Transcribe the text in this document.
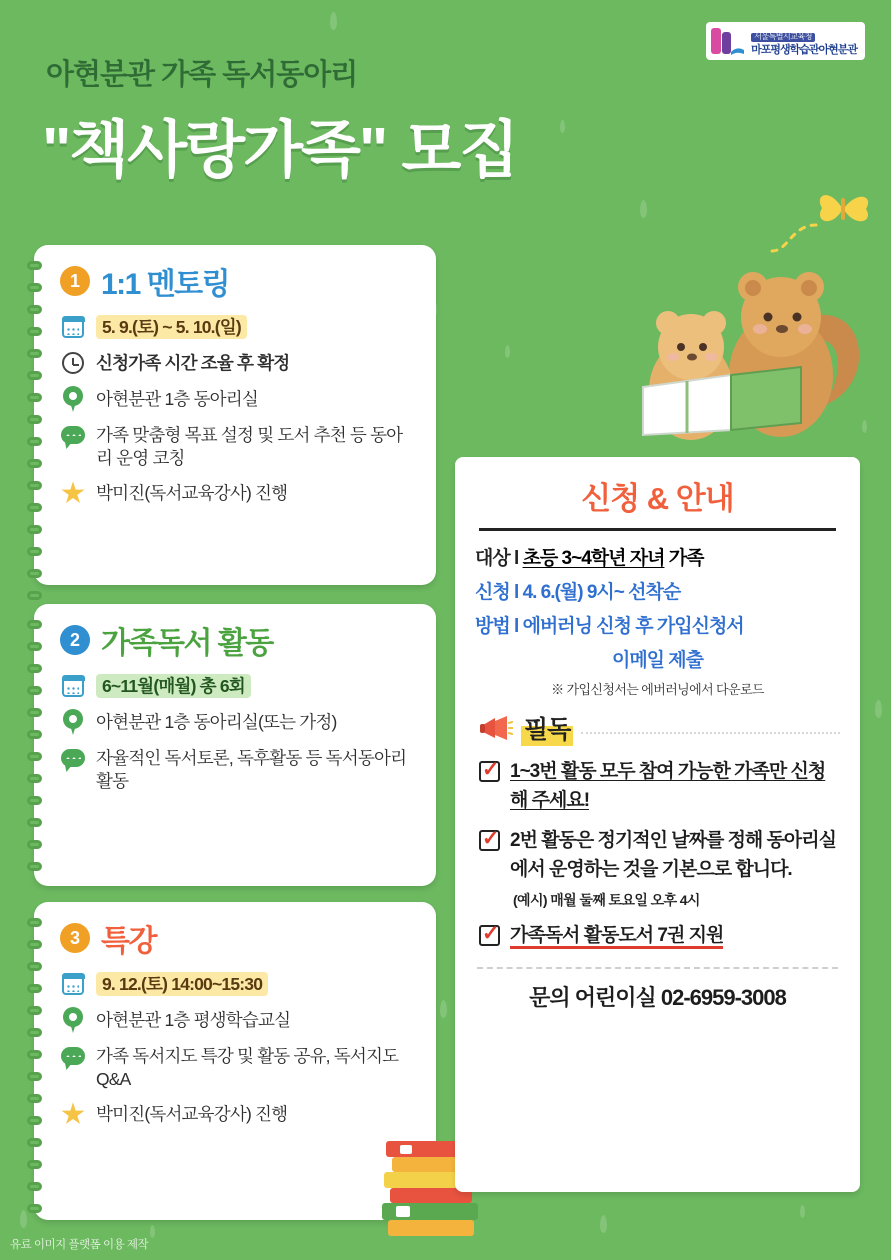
서울특별시교육청
마포평생학습관아현분관
아현분관 가족 독서동아리
"책사랑가족" 모집
1 1:1 멘토링
5. 9.(토) ~ 5. 10.(일)
신청가족 시간 조율 후 확정
아현분관 1층 동아리실
가족 맞춤형 목표 설정 및 도서 추천 등 동아리 운영 코칭
박미진(독서교육강사) 진행
2 가족독서 활동
6~11월(매월) 총 6회
아현분관 1층 동아리실(또는 가정)
자율적인 독서토론, 독후활동 등 독서동아리 활동
3 특강
9. 12.(토) 14:00~15:30
아현분관 1층 평생학습교실
가족 독서지도 특강 및 활동 공유, 독서지도 Q&A
박미진(독서교육강사) 진행
신청 & 안내
대상 l 초등 3~4학년 자녀 가족
신청 l 4. 6.(월) 9시~ 선착순
방법 l 에버러닝 신청 후 가입신청서
이메일 제출
※ 가입신청서는 에버러닝에서 다운로드
필독
✓
1~3번 활동 모두 참여 가능한 가족만 신청해 주세요!
✓
2번 활동은 정기적인 날짜를 정해 동아리실에서 운영하는 것을 기본으로 합니다.
(예시) 매월 둘째 토요일 오후 4시
✓
가족독서 활동도서 7권 지원
문의 어린이실 02-6959-3008
유료 이미지 플랫폼 이용 제작
